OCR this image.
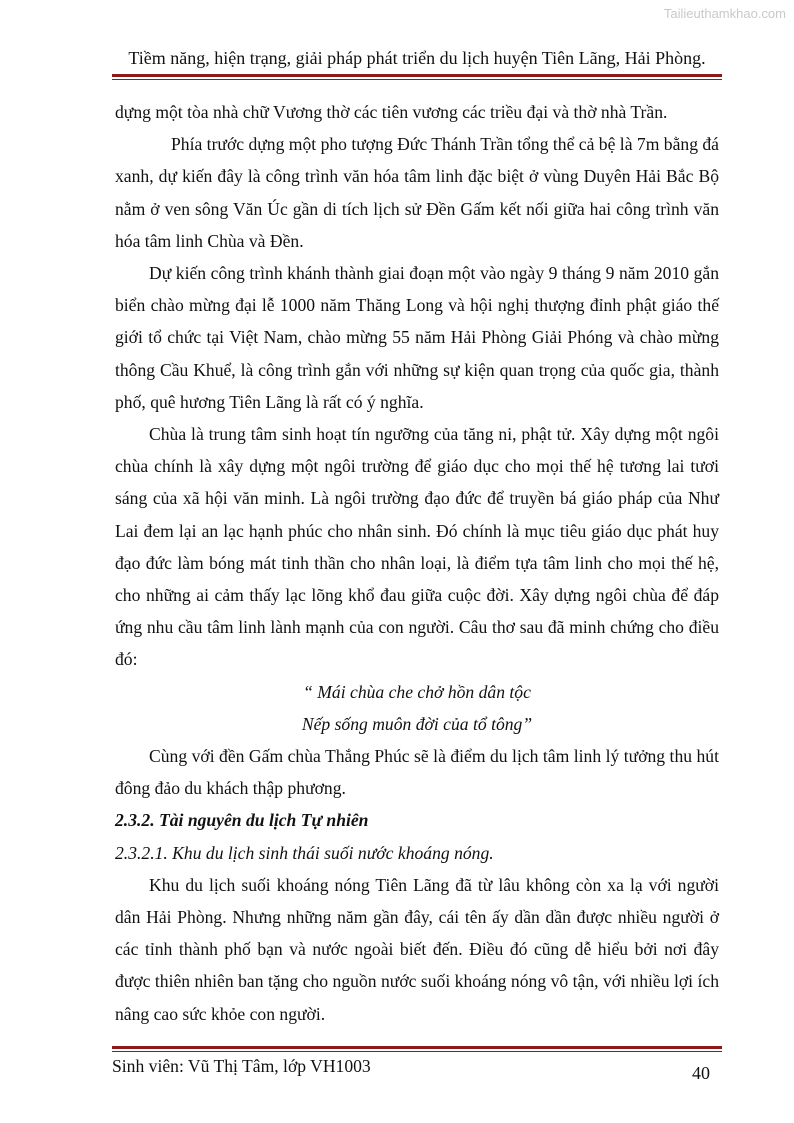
Tailieuthamkhao.com
Tiềm năng, hiện trạng, giải pháp phát triển du lịch huyện Tiên Lãng, Hải Phòng.

dựng một tòa nhà chữ Vương thờ các tiên vương các triều đại và thờ nhà Trần.

Phía trước dựng một pho tượng Đức Thánh Trần tổng thể cả bệ là 7m bằng đá xanh, dự kiến đây là công trình văn hóa tâm linh đặc biệt ở vùng Duyên Hải Bắc Bộ nằm ở ven sông Văn Úc gần di tích lịch sử Đền Gấm kết nối giữa hai công trình văn hóa tâm linh Chùa và Đền.

Dự kiến công trình khánh thành giai đoạn một vào ngày 9 tháng 9 năm 2010 gắn biển chào mừng đại lễ 1000 năm Thăng Long và hội nghị thượng đỉnh phật giáo thế giới tổ chức tại Việt Nam, chào mừng 55 năm Hải Phòng Giải Phóng và chào mừng thông Cầu Khuể, là công trình gắn với những sự kiện quan trọng của quốc gia, thành phố, quê hương Tiên Lãng là rất có ý nghĩa.

Chùa là trung tâm sinh hoạt tín ngưỡng của tăng ni, phật tử. Xây dựng một ngôi chùa chính là xây dựng một ngôi trường để giáo dục cho mọi thế hệ tương lai tươi sáng của xã hội văn minh. Là ngôi trường đạo đức để truyền bá giáo pháp của Như Lai đem lại an lạc hạnh phúc cho nhân sinh. Đó chính là mục tiêu giáo dục phát huy đạo đức làm bóng mát tinh thần cho nhân loại, là điểm tựa tâm linh cho mọi thế hệ, cho những ai cảm thấy lạc lõng khổ đau giữa cuộc đời. Xây dựng ngôi chùa để đáp ứng nhu cầu tâm linh lành mạnh của con người. Câu thơ sau đã minh chứng cho điều đó:

“ Mái chùa che chở hồn dân tộc

Nếp sống muôn đời của tổ tông”

Cùng với đền Gấm chùa Thắng Phúc sẽ là điểm du lịch tâm linh lý tưởng thu hút đông đảo du khách thập phương.

2.3.2. Tài nguyên du lịch Tự nhiên

2.3.2.1. Khu du lịch sinh thái suối nước khoáng nóng.

Khu du lịch suối khoáng nóng Tiên Lãng đã từ lâu không còn xa lạ với người dân Hải Phòng. Nhưng những năm gần đây, cái tên ấy dần dần được nhiều người ở các tỉnh thành phố bạn và nước ngoài biết đến. Điều đó cũng dễ hiểu bởi nơi đây được thiên nhiên ban tặng cho nguồn nước suối khoáng nóng vô tận, với nhiều lợi ích nâng cao sức khỏe con người.

Sinh viên: Vũ Thị Tâm, lớp VH1003	40
